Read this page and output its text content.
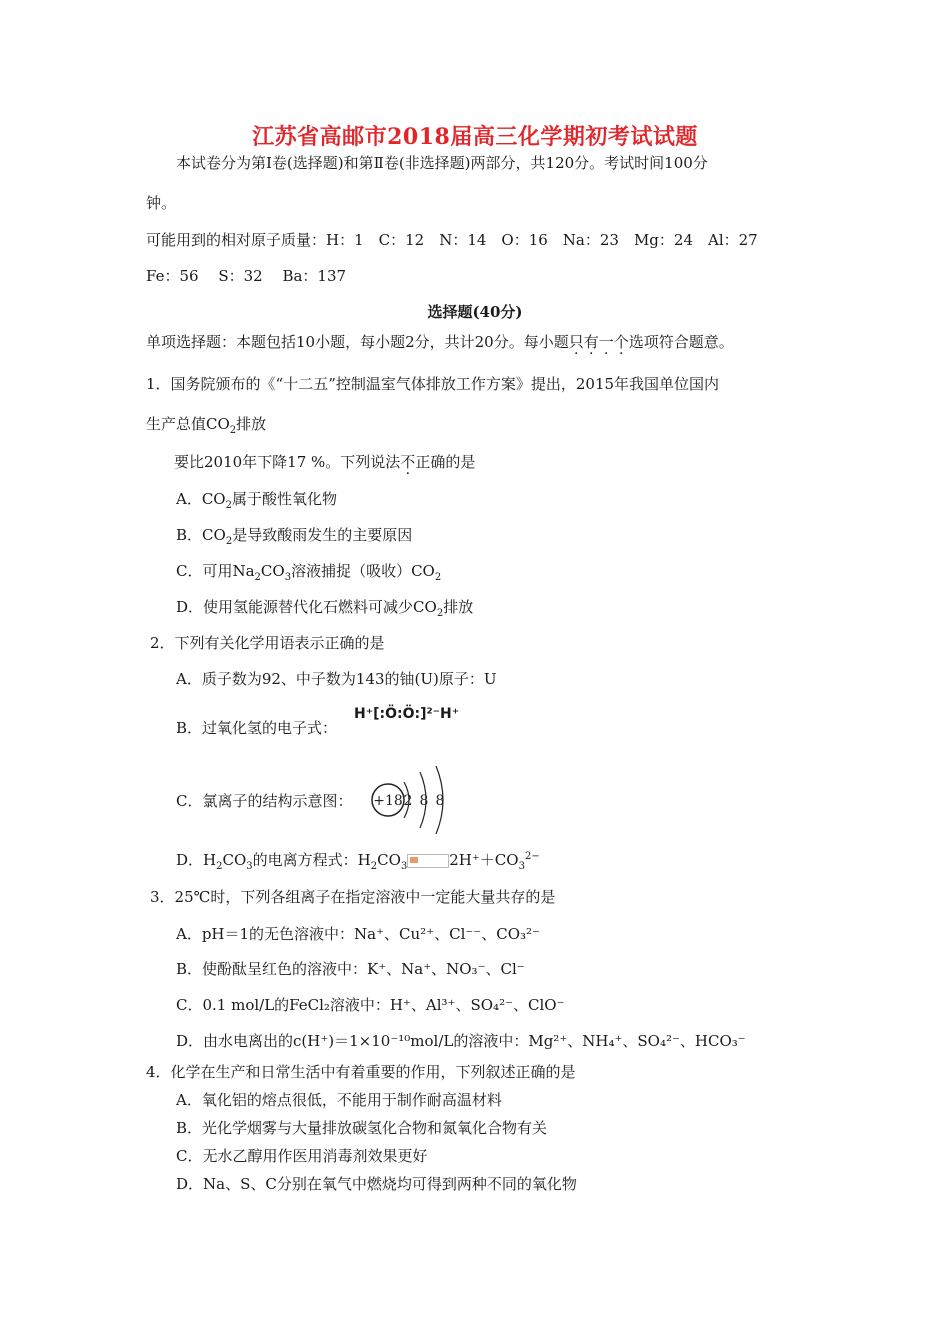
江苏省高邮市2018届高三化学期初考试试题
本试卷分为第Ⅰ卷(选择题)和第Ⅱ卷(非选择题)两部分，共120分。考试时间100分
钟。
可能用到的相对原子质量：H：1　C：12　N：14　O：16　Na：23　Mg：24　Al：27
Fe：56　 S：32　 Ba：137
选择题(40分)
单项选择题：本题包括10小题，每小题2分，共计20分。每小题只有一个选项符合题意。
1．国务院颁布的《“十二五”控制温室气体排放工作方案》提出，2015年我国单位国内
生产总值$CO_2$排放
要比2010年下降17 %。下列说法不正确的是
A．$CO_2$属于酸性氧化物
B．$CO_2$是导致酸雨发生的主要原因
C．可用$Na_2CO_3$溶液捕捉（吸收）$CO_2$
D．使用氢能源替代化石燃料可减少$CO_2$排放
2．下列有关化学用语表示正确的是
A．质子数为92、中子数为143的铀(U)原子：U
B．过氧化氢的电子式：
H⁺[:Ö:Ö:]²⁻H⁺
C．氯离子的结构示意图： +18 2 8 8
D．$H_2CO_3$的电离方程式：$H_2CO_3$	$2H^++CO_3^{2-}$
3．25℃时，下列各组离子在指定溶液中一定能大量共存的是
A．pH＝1的无色溶液中：Na⁺、Cu²⁺、Cl⁻⁻、CO₃²⁻
B．使酚酞呈红色的溶液中：K⁺、Na⁺、NO₃⁻、Cl⁻
C．0.1 mol/L的FeCl₂溶液中：H⁺、Al³⁺、SO₄²⁻、ClO⁻
D．由水电离出的c(H⁺)＝1×10⁻¹⁰mol/L的溶液中：Mg²⁺、NH₄⁺、SO₄²⁻、HCO₃⁻
4．化学在生产和日常生活中有着重要的作用，下列叙述正确的是
A．氧化铝的熔点很低，不能用于制作耐高温材料
B．光化学烟雾与大量排放碳氢化合物和氮氧化合物有关
C．无水乙醇用作医用消毒剂效果更好
D．Na、S、C分别在氧气中燃烧均可得到两种不同的氧化物
